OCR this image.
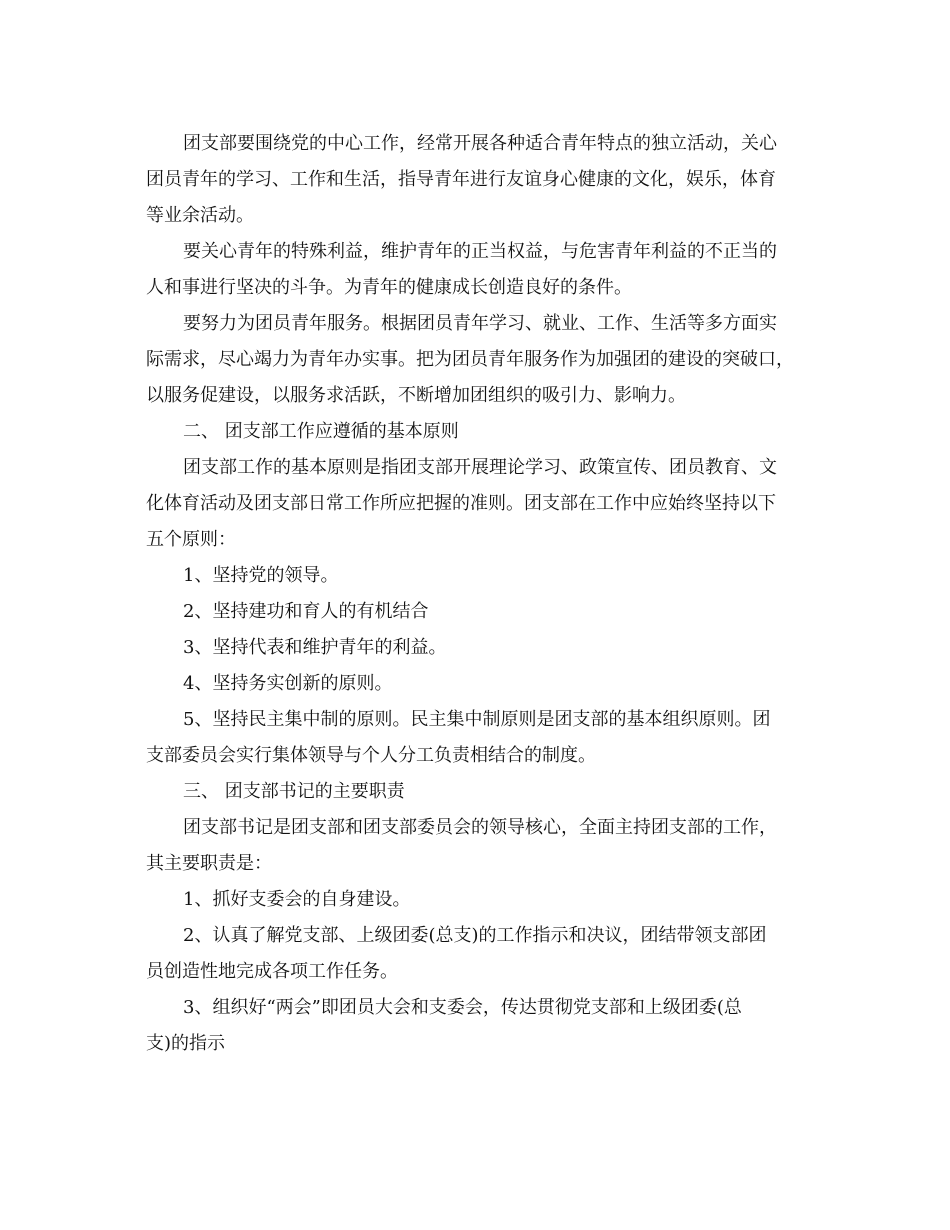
团支部要围绕党的中心工作，经常开展各种适合青年特点的独立活动，关心
团员青年的学习、工作和生活，指导青年进行友谊身心健康的文化，娱乐，体育
等业余活动。
要关心青年的特殊利益，维护青年的正当权益，与危害青年利益的不正当的
人和事进行坚决的斗争。为青年的健康成长创造良好的条件。
要努力为团员青年服务。根据团员青年学习、就业、工作、生活等多方面实
际需求，尽心竭力为青年办实事。把为团员青年服务作为加强团的建设的突破口，
以服务促建设，以服务求活跃，不断增加团组织的吸引力、影响力。
二、 团支部工作应遵循的基本原则
团支部工作的基本原则是指团支部开展理论学习、政策宣传、团员教育、文
化体育活动及团支部日常工作所应把握的准则。团支部在工作中应始终坚持以下
五个原则：
1、坚持党的领导。
2、坚持建功和育人的有机结合
3、坚持代表和维护青年的利益。
4、坚持务实创新的原则。
5、坚持民主集中制的原则。民主集中制原则是团支部的基本组织原则。团
支部委员会实行集体领导与个人分工负责相结合的制度。
三、 团支部书记的主要职责
团支部书记是团支部和团支部委员会的领导核心，全面主持团支部的工作，
其主要职责是：
1、抓好支委会的自身建设。
2、认真了解党支部、上级团委(总支)的工作指示和决议，团结带领支部团
员创造性地完成各项工作任务。
3、组织好“两会”即团员大会和支委会，传达贯彻党支部和上级团委(总
支)的指示
